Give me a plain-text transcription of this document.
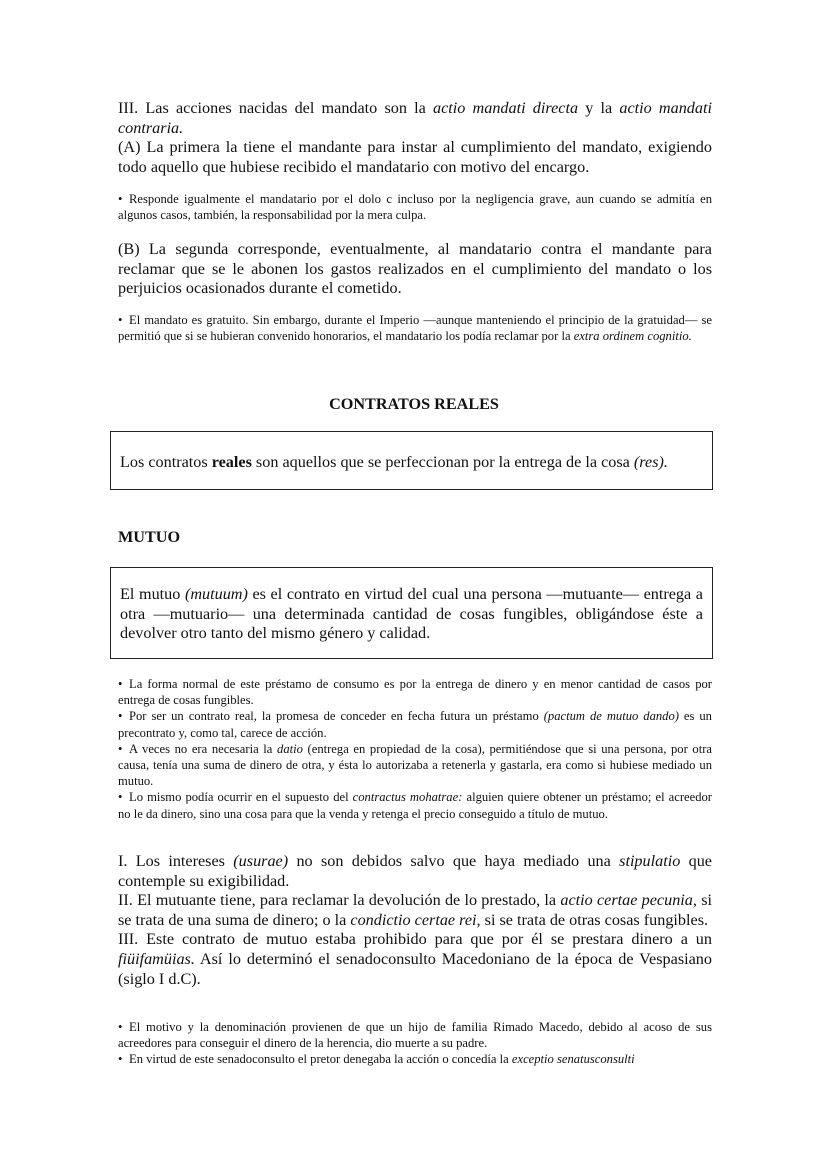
III. Las acciones nacidas del mandato son la actio mandati directa y la actio mandati contraria.

(A) La primera la tiene el mandante para instar al cumplimiento del mandato, exigiendo todo aquello que hubiese recibido el mandatario con motivo del encargo.

• Responde igualmente el mandatario por el dolo c incluso por la negligencia grave, aun cuando se admitía en algunos casos, también, la responsabilidad por la mera culpa.

(B) La segunda corresponde, eventualmente, al mandatario contra el mandante para reclamar que se le abonen los gastos realizados en el cumplimiento del mandato o los perjuicios ocasionados durante el cometido.

• El mandato es gratuito. Sin embargo, durante el Imperio —aunque manteniendo el principio de la gratuidad— se permitió que si se hubieran convenido honorarios, el mandatario los podía reclamar por la extra ordinem cognitio.

CONTRATOS REALES

Los contratos reales son aquellos que se perfeccionan por la entrega de la cosa (res).

MUTUO

El mutuo (mutuum) es el contrato en virtud del cual una persona —mutuante— entrega a otra —mutuario— una determinada cantidad de cosas fungibles, obligándose éste a devolver otro tanto del mismo género y calidad.

• La forma normal de este préstamo de consumo es por la entrega de dinero y en menor cantidad de casos por entrega de cosas fungibles.

• Por ser un contrato real, la promesa de conceder en fecha futura un préstamo (pactum de mutuo dando) es un precontrato y, como tal, carece de acción.

• A veces no era necesaria la datio (entrega en propiedad de la cosa), permitiéndose que si una persona, por otra causa, tenía una suma de dinero de otra, y ésta lo autorizaba a retenerla y gastarla, era como si hubiese mediado un mutuo.

• Lo mismo podía ocurrir en el supuesto del contractus mohatrae: alguien quiere obtener un préstamo; el acreedor no le da dinero, sino una cosa para que la venda y retenga el precio conseguido a título de mutuo.

I. Los intereses (usurae) no son debidos salvo que haya mediado una stipulatio que contemple su exigibilidad.

II. El mutuante tiene, para reclamar la devolución de lo prestado, la actio certae pecunia, si se trata de una suma de dinero; o la condictio certae rei, si se trata de otras cosas fungibles.

III. Este contrato de mutuo estaba prohibido para que por él se prestara dinero a un fiüifamüias. Así lo determinó el senadoconsulto Macedoniano de la época de Vespasiano (siglo I d.C).

• El motivo y la denominación provienen de que un hijo de familia Rimado Macedo, debido al acoso de sus acreedores para conseguir el dinero de la herencia, dio muerte a su padre.

• En virtud de este senadoconsulto el pretor denegaba la acción o concedía la exceptio senatusconsulti
